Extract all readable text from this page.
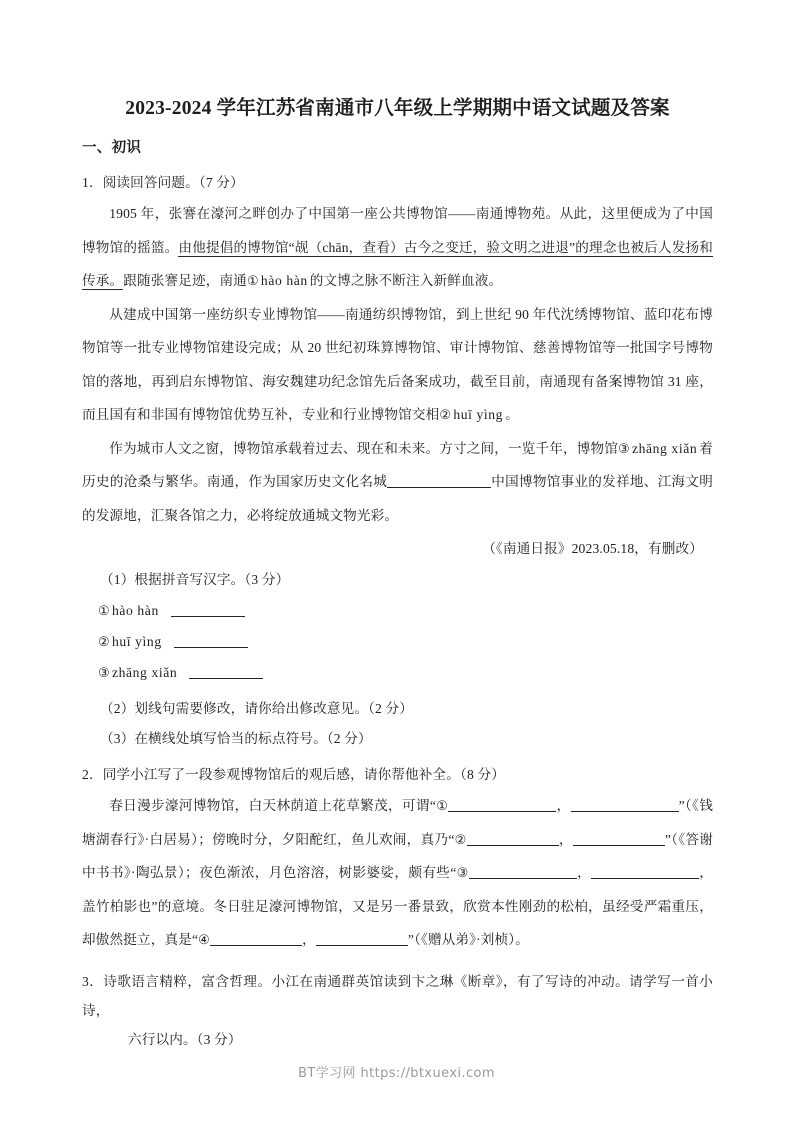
2023-2024 学年江苏省南通市八年级上学期期中语文试题及答案
一、初识

1．阅读回答问题。（7 分）

1905 年，张謇在濠河之畔创办了中国第一座公共博物馆——南通博物苑。从此，这里便成为了中国博物馆的摇篮。由他提倡的博物馆“觇（chān，查看）古今之变迁，验文明之进退”的理念也被后人发扬和传承。跟随张謇足迹，南通① hào hàn 的文博之脉不断注入新鲜血液。

从建成中国第一座纺织专业博物馆——南通纺织博物馆，到上世纪 90 年代沈绣博物馆、蓝印花布博物馆等一批专业博物馆建设完成；从 20 世纪初珠算博物馆、审计博物馆、慈善博物馆等一批国字号博物馆的落地，再到启东博物馆、海安魏建功纪念馆先后备案成功，截至目前，南通现有备案博物馆 31 座，而且国有和非国有博物馆优势互补，专业和行业博物馆交相② huī yìng 。

作为城市人文之窗，博物馆承载着过去、现在和未来。方寸之间，一览千年，博物馆③ zhāng xiǎn 着历史的沧桑与繁华。南通，作为国家历史文化名城	中国博物馆事业的发祥地、江海文明的发源地，汇聚各馆之力，必将绽放通城文物光彩。

（《南通日报》2023.05.18，有删改）

（1）根据拼音写汉字。（3 分）

① hào hàn

② huī yìng

③ zhāng xiǎn

（2）划线句需要修改，请你给出修改意见。（2 分）

（3）在横线处填写恰当的标点符号。（2 分）

2．同学小江写了一段参观博物馆后的观后感，请你帮他补全。（8 分）

春日漫步濠河博物馆，白天林荫道上花草繁茂，可谓“①	，	”（《钱塘湖春行》·白居易）；傍晚时分，夕阳酡红，鱼儿欢闹，真乃“②	，	”（《答谢中书书》·陶弘景）；夜色渐浓，月色溶溶，树影婆娑，颇有些“③	，	，盖竹柏影也”的意境。冬日驻足濠河博物馆，又是另一番景致，欣赏本性刚劲的松柏，虽经受严霜重压，却傲然挺立，真是“④	，	”（《赠从弟》·刘桢）。

3．诗歌语言精粹，富含哲理。小江在南通群英馆读到卞之琳《断章》，有了写诗的冲动。请学写一首小诗，

六行以内。（3 分）

BT学习网 https://btxuexi.com
